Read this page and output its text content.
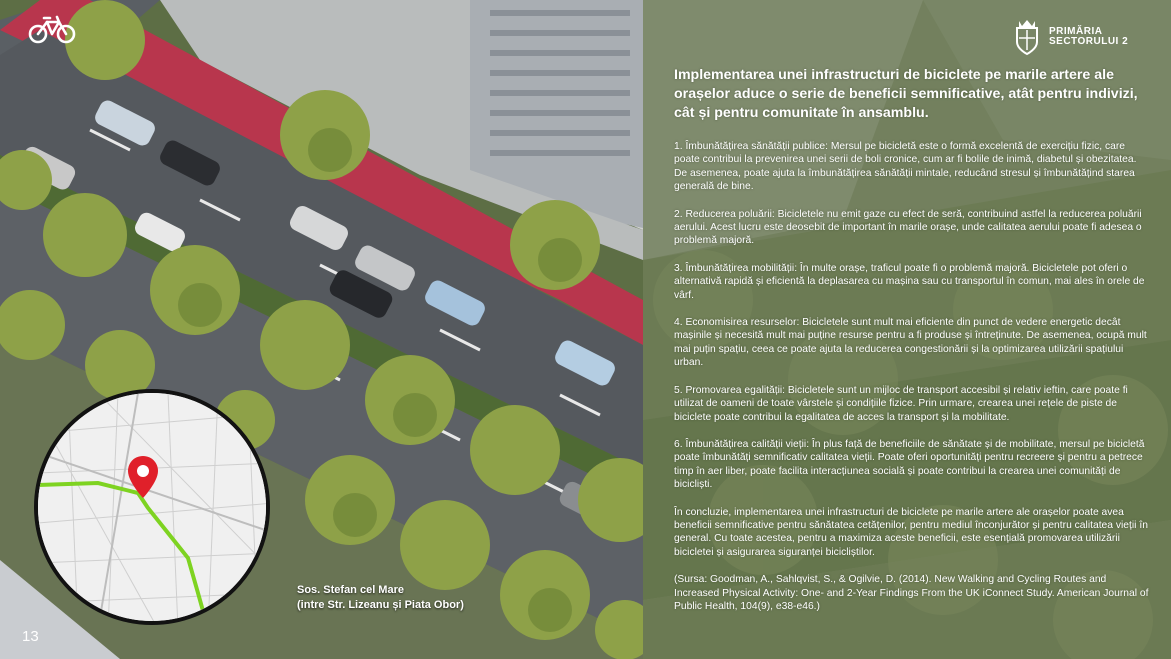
Sos. Stefan cel Mare
(intre Str. Lizeanu și Piata Obor)
13
PRIMĂRIA
SECTORULUI 2
Implementarea unei infrastructuri de biciclete pe marile artere ale orașelor aduce o serie de beneficii semnificative, atât pentru indivizi, cât și pentru comunitate în ansamblu.

1. Îmbunătățirea sănătății publice: Mersul pe bicicletă este o formă excelentă de exercițiu fizic, care poate contribui la prevenirea unei serii de boli cronice, cum ar fi bolile de inimă, diabetul și obezitatea. De asemenea, poate ajuta la îmbunătățirea sănătății mintale, reducând stresul și îmbunătățind starea generală de bine.

2. Reducerea poluării: Bicicletele nu emit gaze cu efect de seră, contribuind astfel la reducerea poluării aerului. Acest lucru este deosebit de important în marile orașe, unde calitatea aerului poate fi adesea o problemă majoră.

3. Îmbunătățirea mobilității: În multe orașe, traficul poate fi o problemă majoră. Bicicletele pot oferi o alternativă rapidă și eficientă la deplasarea cu mașina sau cu transportul în comun, mai ales în orele de vârf.

4. Economisirea resurselor: Bicicletele sunt mult mai eficiente din punct de vedere energetic decât mașinile și necesită mult mai puține resurse pentru a fi produse și întreținute. De asemenea, ocupă mult mai puțin spațiu, ceea ce poate ajuta la reducerea congestionării și la optimizarea utilizării spațiului urban.

5. Promovarea egalității: Bicicletele sunt un mijloc de transport accesibil și relativ ieftin, care poate fi utilizat de oameni de toate vârstele și condițiile fizice. Prin urmare, crearea unei rețele de piste de biciclete poate contribui la egalitatea de acces la transport și la mobilitate.

6. Îmbunătățirea calității vieții: În plus față de beneficiile de sănătate și de mobilitate, mersul pe bicicletă poate îmbunătăți semnificativ calitatea vieții. Poate oferi oportunități pentru recreere și pentru a petrece timp în aer liber, poate facilita interacțiunea socială și poate contribui la crearea unei comunități de bicicliști.

În concluzie, implementarea unei infrastructuri de biciclete pe marile artere ale orașelor poate avea beneficii semnificative pentru sănătatea cetățenilor, pentru mediul înconjurător și pentru calitatea vieții în general. Cu toate acestea, pentru a maximiza aceste beneficii, este esențială promovarea utilizării bicicletei și asigurarea siguranței bicicliștilor.

(Sursa: Goodman, A., Sahlqvist, S., & Ogilvie, D. (2014). New Walking and Cycling Routes and Increased Physical Activity: One- and 2-Year Findings From the UK iConnect Study. American Journal of Public Health, 104(9), e38-e46.)
